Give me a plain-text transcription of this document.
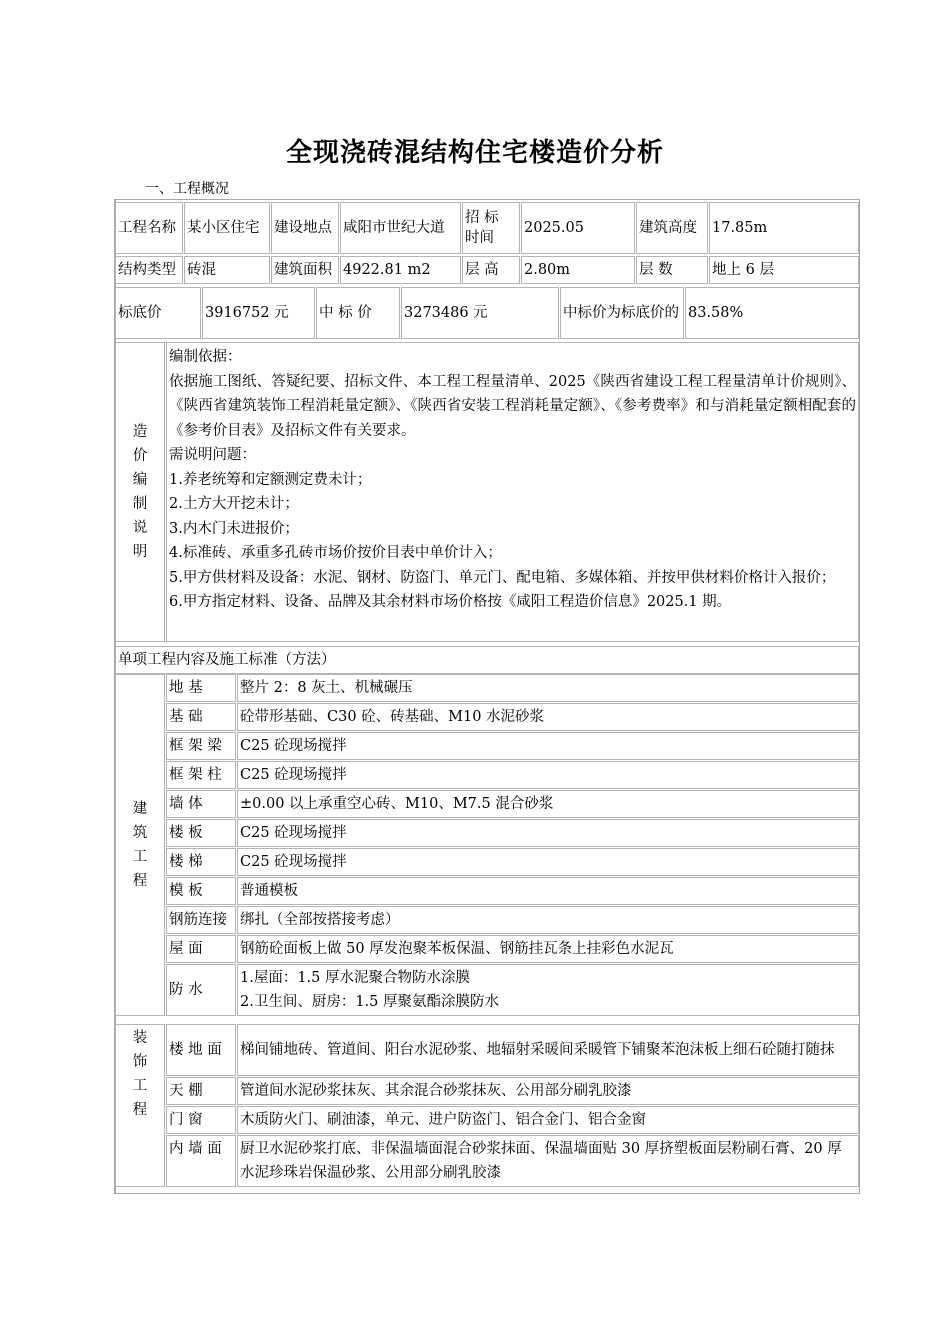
全现浇砖混结构住宅楼造价分析
一、工程概况
工程名称	某小区住宅	建设地点	咸阳市世纪大道	招 标 时间	2025.05	建筑高度	17.85m
结构类型	砖混	建筑面积	4922.81 m2	层 高	2.80m	层 数	地上 6 层
标底价	3916752 元	中 标 价	3273486 元	中标价为标底价的	83.58%
造价编制说明

编制依据：
依据施工图纸、答疑纪要、招标文件、本工程工程量清单、2025《陕西省建设工程工程量清单计价规则》、《陕西省建筑装饰工程消耗量定额》、《陕西省安装工程消耗量定额》、《参考费率》和与消耗量定额相配套的《参考价目表》及招标文件有关要求。
需说明问题：
1.养老统筹和定额测定费未计；
2.土方大开挖未计；
3.内木门未进报价；
4.标准砖、承重多孔砖市场价按价目表中单价计入；
5.甲方供材料及设备：水泥、钢材、防盗门、单元门、配电箱、多媒体箱、并按甲供材料价格计入报价；
6.甲方指定材料、设备、品牌及其余材料市场价格按《咸阳工程造价信息》2025.1 期。
单项工程内容及施工标准（方法）
建筑工程	地 基	整片 2：8 灰土、机械碾压
	基 础	砼带形基础、C30 砼、砖基础、M10 水泥砂浆
	框 架 梁	C25 砼现场搅拌
	框 架 柱	C25 砼现场搅拌
	墙 体	±0.00 以上承重空心砖、M10、M7.5 混合砂浆
	楼 板	C25 砼现场搅拌
	楼 梯	C25 砼现场搅拌
	模 板	普通模板
	钢筋连接	绑扎（全部按搭接考虑）
	屋 面	钢筋砼面板上做 50 厚发泡聚苯板保温、钢筋挂瓦条上挂彩色水泥瓦
	防 水	1.屋面：1.5 厚水泥聚合物防水涂膜
2.卫生间、厨房：1.5 厚聚氨酯涂膜防水
装饰工程	楼 地 面	梯间铺地砖、管道间、阳台水泥砂浆、地辐射采暖间采暖管下铺聚苯泡沫板上细石砼随打随抹
	天 棚	管道间水泥砂浆抹灰、其余混合砂浆抹灰、公用部分刷乳胶漆
	门 窗	木质防火门、刷油漆，单元、进户防盗门、铝合金门、铝合金窗
	内 墙 面	厨卫水泥砂浆打底、非保温墙面混合砂浆抹面、保温墙面贴 30 厚挤塑板面层粉刷石膏、20 厚水泥珍珠岩保温砂浆、公用部分刷乳胶漆
